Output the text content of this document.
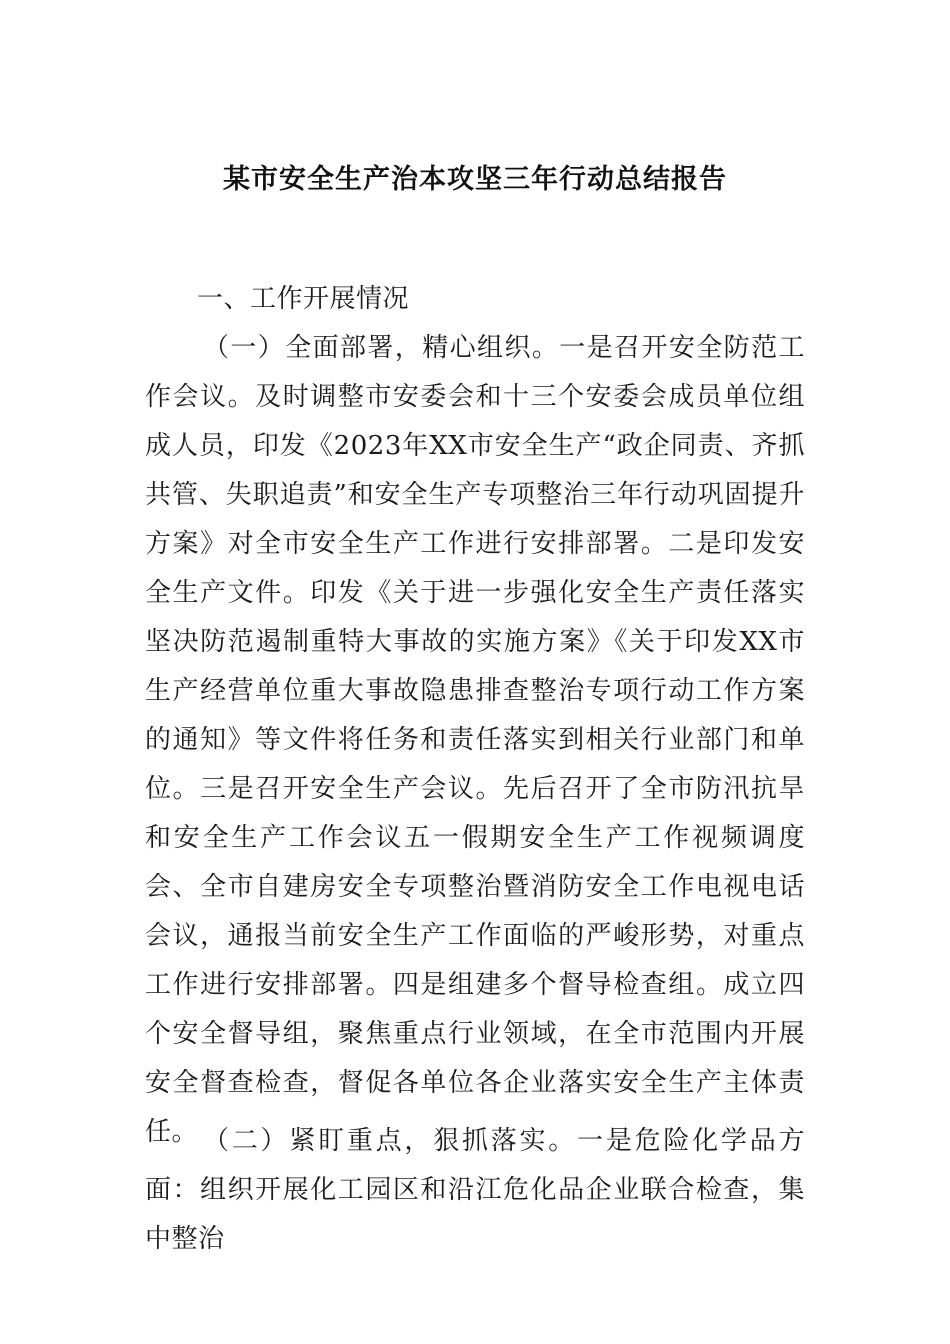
某市安全生产治本攻坚三年行动总结报告
一、工作开展情况
（一）全面部署，精心组织。一是召开安全防范工作会议。及时调整市安委会和十三个安委会成员单位组成人员，印发《2023年XX市安全生产“政企同责、齐抓共管、失职追责”和安全生产专项整治三年行动巩固提升方案》对全市安全生产工作进行安排部署。二是印发安全生产文件。印发《关于进一步强化安全生产责任落实坚决防范遏制重特大事故的实施方案》《关于印发XX市生产经营单位重大事故隐患排查整治专项行动工作方案的通知》等文件将任务和责任落实到相关行业部门和单位。三是召开安全生产会议。先后召开了全市防汛抗旱和安全生产工作会议五一假期安全生产工作视频调度会、全市自建房安全专项整治暨消防安全工作电视电话会议，通报当前安全生产工作面临的严峻形势，对重点工作进行安排部署。四是组建多个督导检查组。成立四个安全督导组，聚焦重点行业领域，在全市范围内开展安全督查检查，督促各单位各企业落实安全生产主体责任。 （二）紧盯重点，狠抓落实。一是危险化学品方面：组织开展化工园区和沿江危化品企业联合检查，集中整治
